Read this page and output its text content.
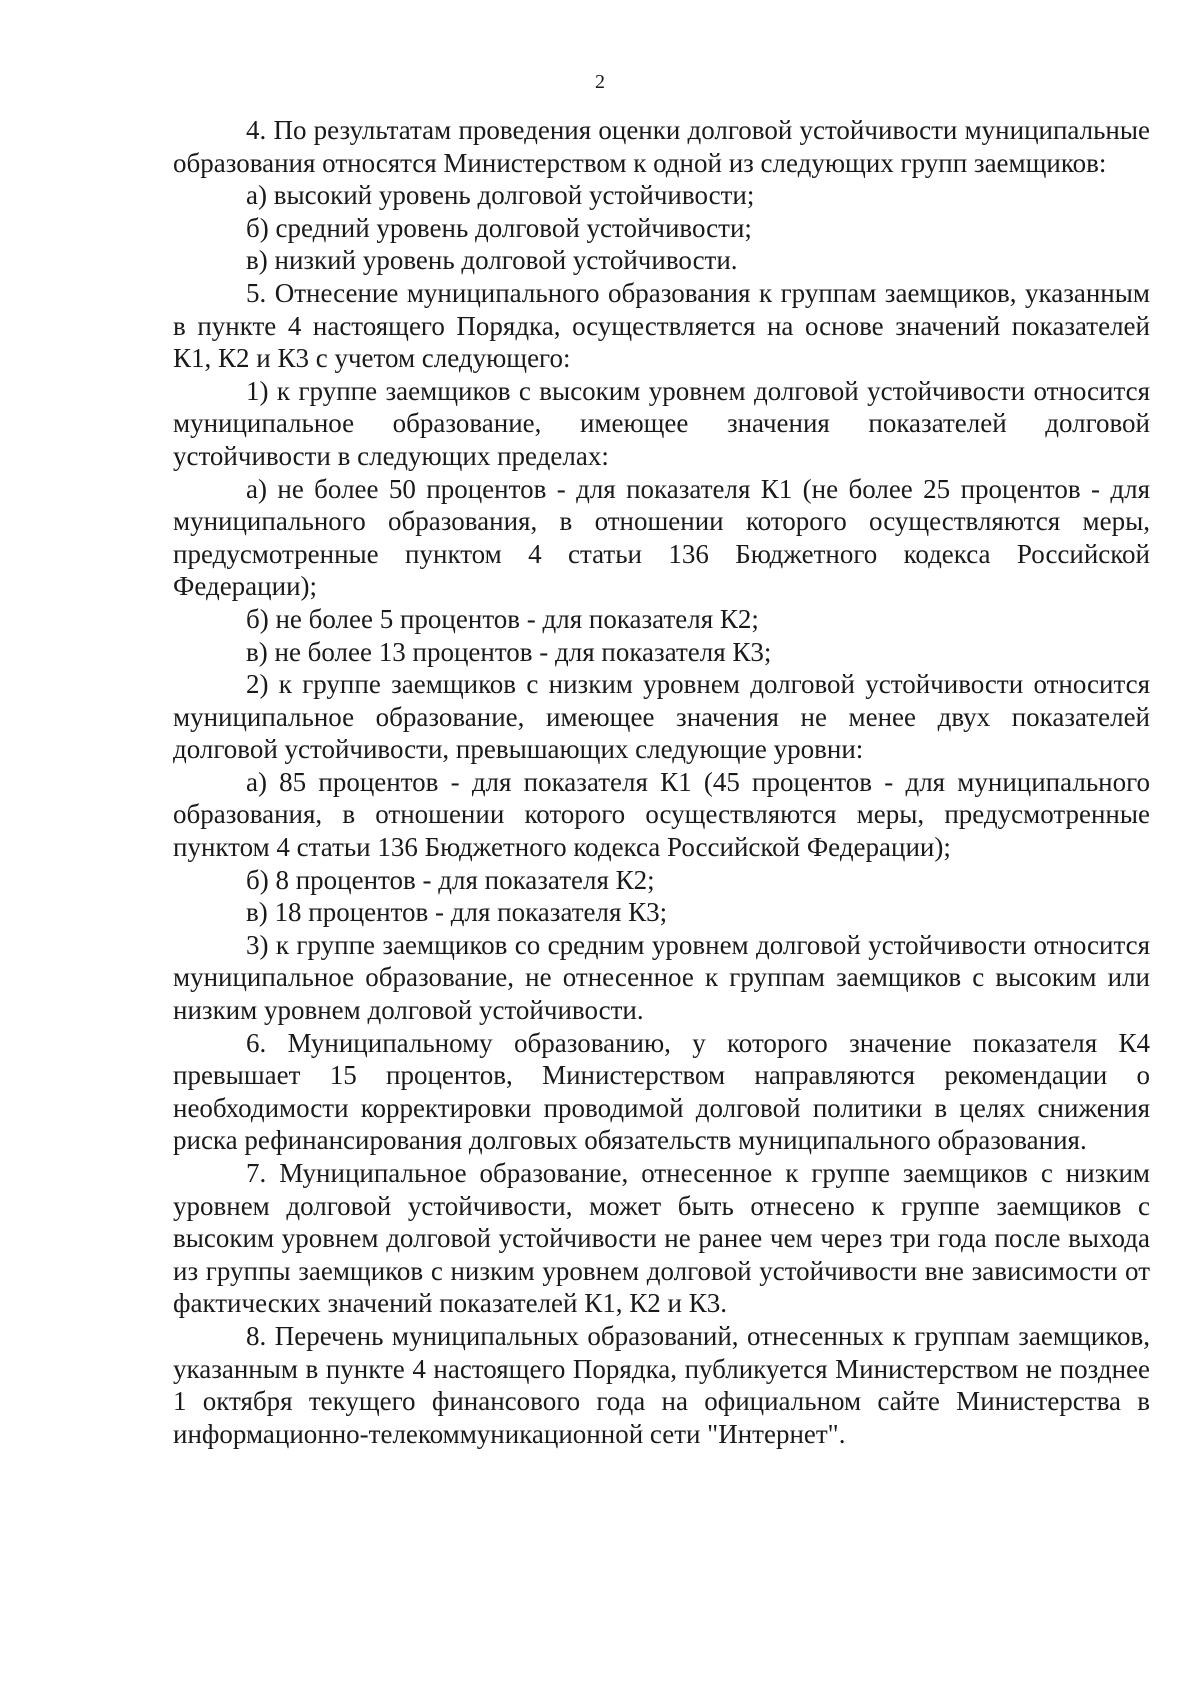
2

4. По результатам проведения оценки долговой устойчивости муниципальные образования относятся Министерством к одной из следующих групп заемщиков:

а) высокий уровень долговой устойчивости;

б) средний уровень долговой устойчивости;

в) низкий уровень долговой устойчивости.

5. Отнесение муниципального образования к группам заемщиков, указанным в пункте 4 настоящего Порядка, осуществляется на основе значений показателей К1, К2 и К3 с учетом следующего:

1) к группе заемщиков с высоким уровнем долговой устойчивости относится муниципальное образование, имеющее значения показателей долговой устойчивости в следующих пределах:

а) не более 50 процентов - для показателя К1 (не более 25 процентов - для муниципального образования, в отношении которого осуществляются меры, предусмотренные пунктом 4 статьи 136 Бюджетного кодекса Российской Федерации);

б) не более 5 процентов - для показателя К2;

в) не более 13 процентов - для показателя К3;

2) к группе заемщиков с низким уровнем долговой устойчивости относится муниципальное образование, имеющее значения не менее двух показателей долговой устойчивости, превышающих следующие уровни:

а) 85 процентов - для показателя К1 (45 процентов - для муниципального образования, в отношении которого осуществляются меры, предусмотренные пунктом 4 статьи 136 Бюджетного кодекса Российской Федерации);

б) 8 процентов - для показателя К2;

в) 18 процентов - для показателя К3;

3) к группе заемщиков со средним уровнем долговой устойчивости относится муниципальное образование, не отнесенное к группам заемщиков с высоким или низким уровнем долговой устойчивости.

6. Муниципальному образованию, у которого значение показателя К4 превышает 15 процентов, Министерством направляются рекомендации о необходимости корректировки проводимой долговой политики в целях снижения риска рефинансирования долговых обязательств муниципального образования.

7. Муниципальное образование, отнесенное к группе заемщиков с низким уровнем долговой устойчивости, может быть отнесено к группе заемщиков с высоким уровнем долговой устойчивости не ранее чем через три года после выхода из группы заемщиков с низким уровнем долговой устойчивости вне зависимости от фактических значений показателей К1, К2 и К3.

8. Перечень муниципальных образований, отнесенных к группам заемщиков, указанным в пункте 4 настоящего Порядка, публикуется Министерством не позднее 1 октября текущего финансового года на официальном сайте Министерства в информационно-телекоммуникационной сети "Интернет".
